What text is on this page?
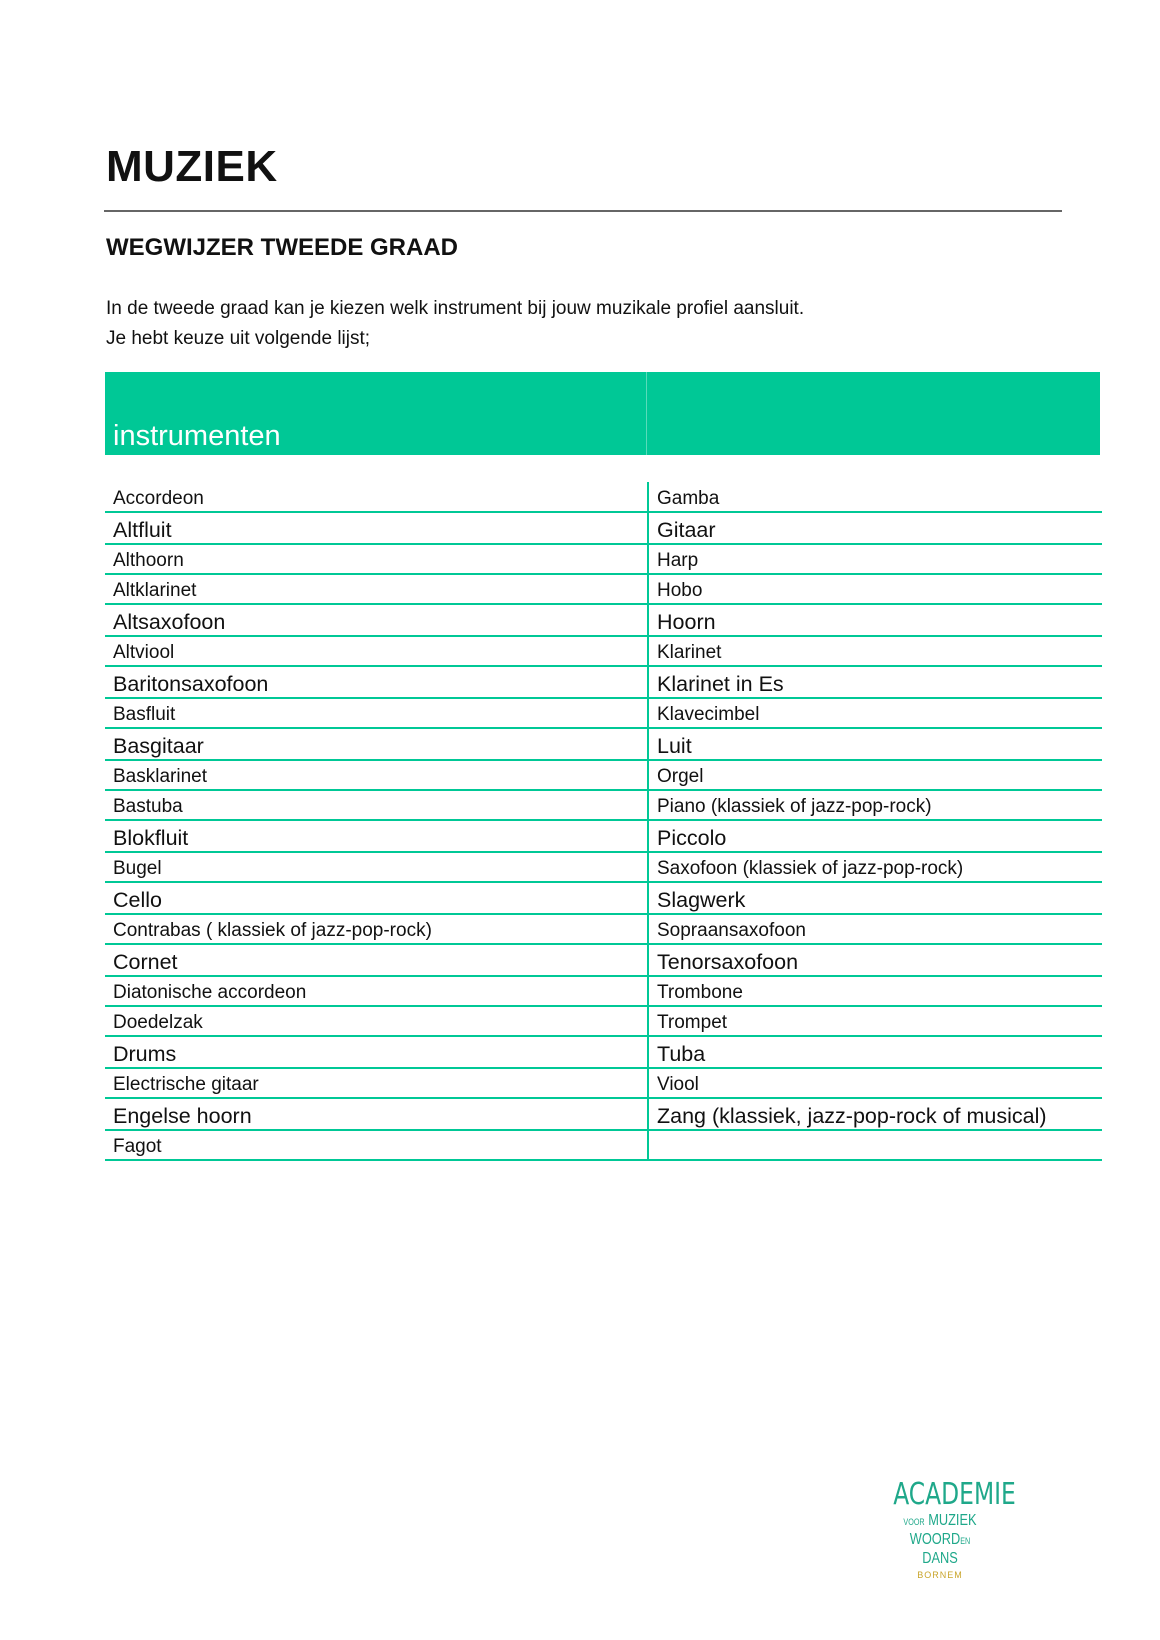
MUZIEK
WEGWIJZER TWEEDE GRAAD
In de tweede graad kan je kiezen welk instrument bij jouw muzikale profiel aansluit.
Je hebt keuze uit volgende lijst;
instrumenten
Accordeon	Gamba
Altfluit	Gitaar
Althoorn	Harp
Altklarinet	Hobo
Altsaxofoon	Hoorn
Altviool	Klarinet
Baritonsaxofoon	Klarinet in Es
Basfluit	Klavecimbel
Basgitaar	Luit
Basklarinet	Orgel
Bastuba	Piano (klassiek of jazz-pop-rock)
Blokfluit	Piccolo
Bugel	Saxofoon (klassiek of jazz-pop-rock)
Cello	Slagwerk
Contrabas ( klassiek of jazz-pop-rock)	Sopraansaxofoon
Cornet	Tenorsaxofoon
Diatonische accordeon	Trombone
Doedelzak	Trompet
Drums	Tuba
Electrische gitaar	Viool
Engelse hoorn	Zang (klassiek, jazz-pop-rock of musical)
Fagot
ACADEMIE
VOOR MUZIEK
WOORDEN DANS
BORNEM
